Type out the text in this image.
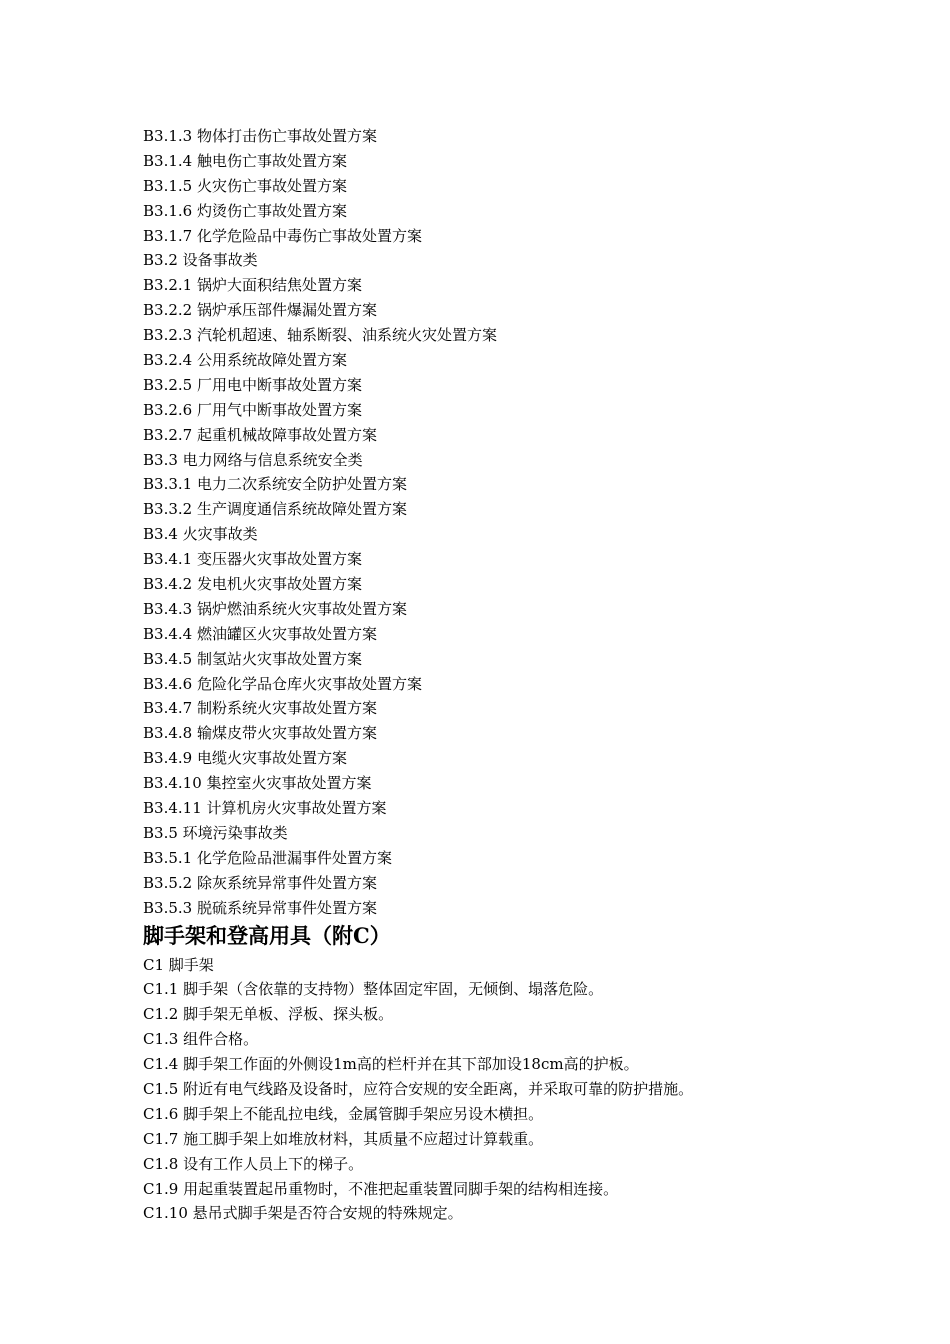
B3.1.3 物体打击伤亡事故处置方案
B3.1.4 触电伤亡事故处置方案
B3.1.5 火灾伤亡事故处置方案
B3.1.6 灼烫伤亡事故处置方案
B3.1.7 化学危险品中毒伤亡事故处置方案
B3.2 设备事故类
B3.2.1 锅炉大面积结焦处置方案
B3.2.2 锅炉承压部件爆漏处置方案
B3.2.3 汽轮机超速、轴系断裂、油系统火灾处置方案
B3.2.4 公用系统故障处置方案
B3.2.5 厂用电中断事故处置方案
B3.2.6 厂用气中断事故处置方案
B3.2.7 起重机械故障事故处置方案
B3.3 电力网络与信息系统安全类
B3.3.1 电力二次系统安全防护处置方案
B3.3.2 生产调度通信系统故障处置方案
B3.4 火灾事故类
B3.4.1 变压器火灾事故处置方案
B3.4.2 发电机火灾事故处置方案
B3.4.3 锅炉燃油系统火灾事故处置方案
B3.4.4 燃油罐区火灾事故处置方案
B3.4.5 制氢站火灾事故处置方案
B3.4.6 危险化学品仓库火灾事故处置方案
B3.4.7 制粉系统火灾事故处置方案
B3.4.8 输煤皮带火灾事故处置方案
B3.4.9 电缆火灾事故处置方案
B3.4.10 集控室火灾事故处置方案
B3.4.11 计算机房火灾事故处置方案
B3.5 环境污染事故类
B3.5.1 化学危险品泄漏事件处置方案
B3.5.2 除灰系统异常事件处置方案
B3.5.3 脱硫系统异常事件处置方案
脚手架和登高用具（附C）
C1 脚手架
C1.1 脚手架（含依靠的支持物）整体固定牢固，无倾倒、塌落危险。
C1.2 脚手架无单板、浮板、探头板。
C1.3 组件合格。
C1.4 脚手架工作面的外侧设1m高的栏杆并在其下部加设18cm高的护板。
C1.5 附近有电气线路及设备时，应符合安规的安全距离，并采取可靠的防护措施。
C1.6 脚手架上不能乱拉电线，金属管脚手架应另设木横担。
C1.7 施工脚手架上如堆放材料，其质量不应超过计算载重。
C1.8 设有工作人员上下的梯子。
C1.9 用起重装置起吊重物时，不准把起重装置同脚手架的结构相连接。
C1.10 悬吊式脚手架是否符合安规的特殊规定。
